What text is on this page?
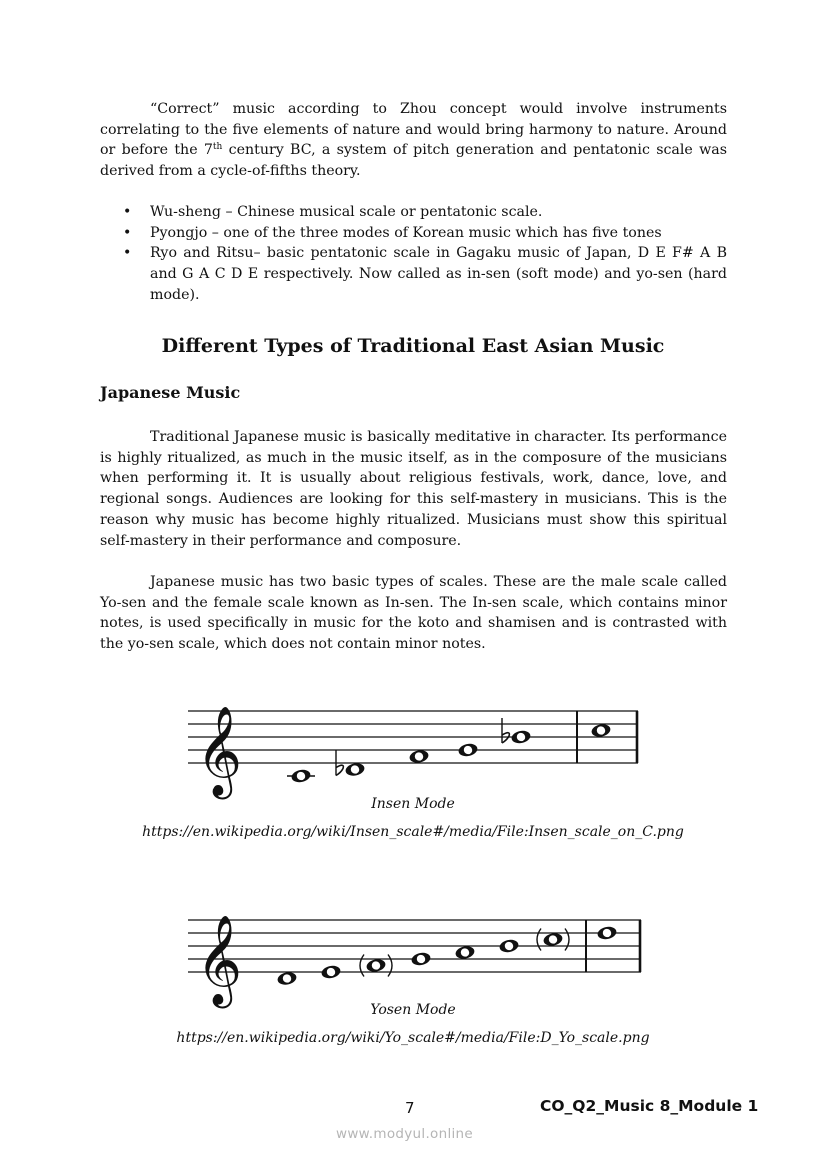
“Correct” music according to Zhou concept would involve instruments correlating to the five elements of nature and would bring harmony to nature. Around or before the 7th century BC, a system of pitch generation and pentatonic scale was derived from a cycle-of-fifths theory.

• Wu-sheng – Chinese musical scale or pentatonic scale.
• Pyongjo – one of the three modes of Korean music which has five tones
• Ryo and Ritsu– basic pentatonic scale in Gagaku music of Japan, D E F# A B and G A C D E respectively. Now called as in-sen (soft mode) and yo-sen (hard mode).
Different Types of Traditional East Asian Music
Japanese Music

Traditional Japanese music is basically meditative in character. Its performance is highly ritualized, as much in the music itself, as in the composure of the musicians when performing it. It is usually about religious festivals, work, dance, love, and regional songs. Audiences are looking for this self-mastery in musicians. This is the reason why music has become highly ritualized. Musicians must show this spiritual self-mastery in their performance and composure.

Japanese music has two basic types of scales. These are the male scale called Yo-sen and the female scale known as In-sen. The In-sen scale, which contains minor notes, is used specifically in music for the koto and shamisen and is contrasted with the yo-sen scale, which does not contain minor notes.

𝄞
𝄞

Insen Mode

https://en.wikipedia.org/wiki/Insen_scale#/media/File:Insen_scale_on_C.png

Yosen Mode

https://en.wikipedia.org/wiki/Yo_scale#/media/File:D_Yo_scale.png

7	CO_Q2_Music 8_Module 1
www.modyul.online
